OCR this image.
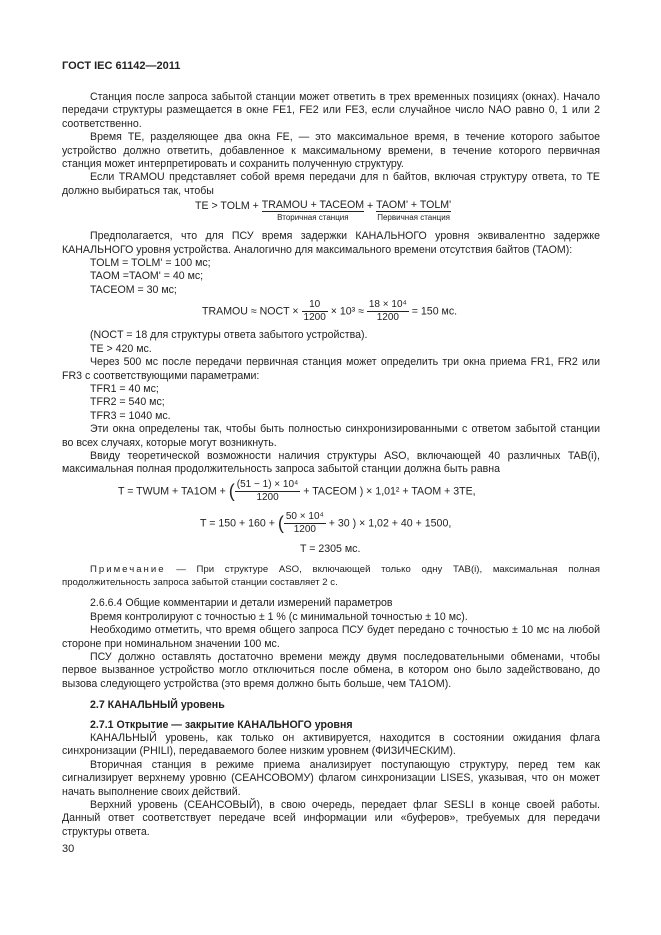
ГОСТ IEC 61142—2011

Станция после запроса забытой станции может ответить в трех временных позициях (окнах). Начало передачи структуры размещается в окне FE1, FE2 или FE3, если случайное число NAO равно 0, 1 или 2 соответственно.

Время TE, разделяющее два окна FE, — это максимальное время, в течение которого забытое устройство должно ответить, добавленное к максимальному времени, в течение которого первичная станция может интерпретировать и сохранить полученную структуру.

Если TRAMOU представляет собой время передачи для n байтов, включая структуру ответа, то TE должно выбираться так, чтобы

TE > TOLM + TRAMOU + TACEOM
Вторичная станция
+ TAOM' + TOLM'
Первичная станция

Предполагается, что для ПСУ время задержки КАНАЛЬНОГО уровня эквивалентно задержке КАНАЛЬНОГО уровня устройства. Аналогично для максимального времени отсутствия байтов (TAOM):

TOLM = TOLM' = 100 мс;

TAOM =TAOM' = 40 мс;

TACEOM = 30 мс;

TRAMOU ≈ NOCT × $\frac{10}{1200} \times 10^3 \approx \frac{\text{18 × 10⁴}}{1200} = 150$ мс.

(NOCT = 18 для структуры ответа забытого устройства).

TE > 420 мс.

Через 500 мс после передачи первичная станция может определить три окна приема FR1, FR2 или FR3 с соответствующими параметрами:

TFR1 = 40 мс;

TFR2 = 540 мс;

TFR3 = 1040 мс.

Эти окна определены так, чтобы быть полностью синхронизированными с ответом забытой станции во всех случаях, которые могут возникнуть.

Ввиду теоретической возможности наличия структуры ASO, включающей 40 различных TAB(i), максимальная полная продолжительность запроса забытой станции должна быть равна

T = TWUM + TA1OM + ( $\frac{\text{(51 − 1) × 10⁴}}{1200}$ + TACEOM ) × 1,01² + TAOM + 3TE,
T = 150 + 160 + ( $\frac{\text{50 × 10⁴}}{1200} + 30$ ) × 1,02 + 40 + 1500,

T = 2305 мс.

Примечание — При структуре ASO, включающей только одну TAB(i), максимальная полная продолжительность запроса забытой станции составляет 2 с.

2.6.6.4 Общие комментарии и детали измерений параметров

Время контролируют с точностью ± 1 % (с минимальной точностью ± 10 мс).

Необходимо отметить, что время общего запроса ПСУ будет передано с точностью ± 10 мс на любой стороне при номинальном значении 100 мс.

ПСУ должно оставлять достаточно времени между двумя последовательными обменами, чтобы первое вызванное устройство могло отключиться после обмена, в котором оно было задействовано, до вызова следующего устройства (это время должно быть больше, чем TA1OM).

2.7 КАНАЛЬНЫЙ уровень

2.7.1 Открытие — закрытие КАНАЛЬНОГО уровня

КАНАЛЬНЫЙ уровень, как только он активируется, находится в состоянии ожидания флага синхронизации (PHILI), передаваемого более низким уровнем (ФИЗИЧЕСКИМ).

Вторичная станция в режиме приема анализирует поступающую структуру, перед тем как сигнализирует верхнему уровню (СЕАНСОВОМУ) флагом синхронизации LISES, указывая, что он может начать выполнение своих действий.

Верхний уровень (СЕАНСОВЫЙ), в свою очередь, передает флаг SESLI в конце своей работы. Данный ответ соответствует передаче всей информации или «буферов», требуемых для передачи структуры ответа.

30
